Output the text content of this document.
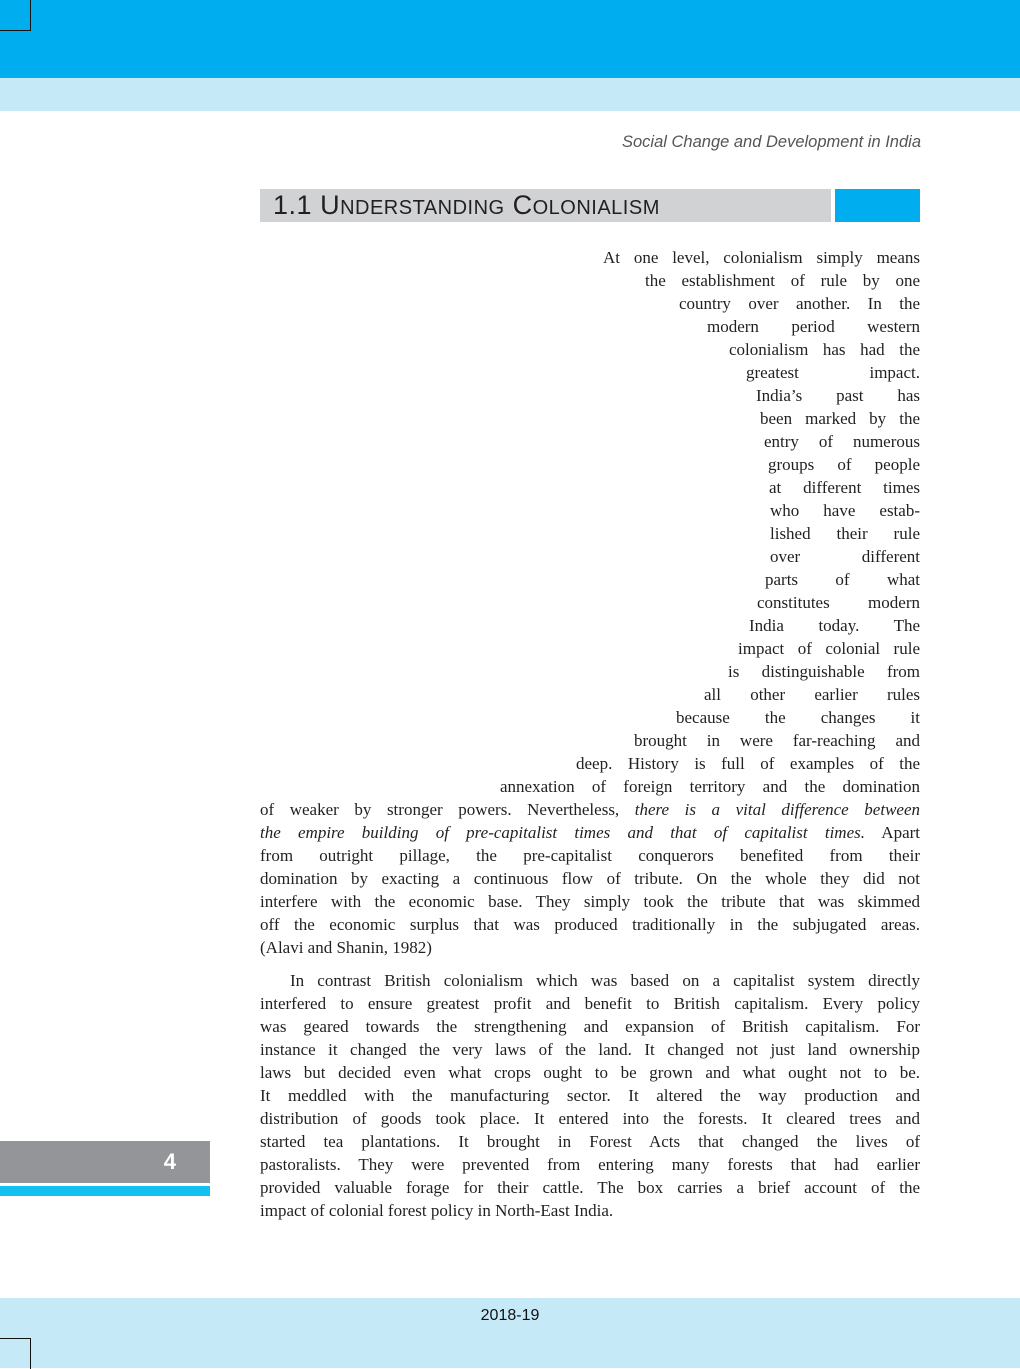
Social Change and Development in India
1.1 UNDERSTANDING COLONIALISM
4
2018-19
At one level, colonialism simply means
the establishment of rule by one
country over another. In the
modern period western
colonialism has had the
greatest impact.
India’s past has
been marked by the
entry of numerous
groups of people
at different times
who have estab-
lished their rule
over different
parts of what
constitutes modern
India today. The
impact of colonial rule
is distinguishable from
all other earlier rules
because the changes it
brought in were far-reaching and
deep. History is full of examples of the
annexation of foreign territory and the domination
of weaker by stronger powers. Nevertheless, there is a vital difference between
the empire building of pre-capitalist times and that of capitalist times. Apart
from outright pillage, the pre-capitalist conquerors benefited from their
domination by exacting a continuous flow of tribute. On the whole they did not
interfere with the economic base. They simply took the tribute that was skimmed
off the economic surplus that was produced traditionally in the subjugated areas.
(Alavi and Shanin, 1982)
In contrast British colonialism which was based on a capitalist system directly
interfered to ensure greatest profit and benefit to British capitalism. Every policy
was geared towards the strengthening and expansion of British capitalism. For
instance it changed the very laws of the land. It changed not just land ownership
laws but decided even what crops ought to be grown and what ought not to be.
It meddled with the manufacturing sector. It altered the way production and
distribution of goods took place. It entered into the forests. It cleared trees and
started tea plantations. It brought in Forest Acts that changed the lives of
pastoralists. They were prevented from entering many forests that had earlier
provided valuable forage for their cattle. The box carries a brief account of the
impact of colonial forest policy in North-East India.
